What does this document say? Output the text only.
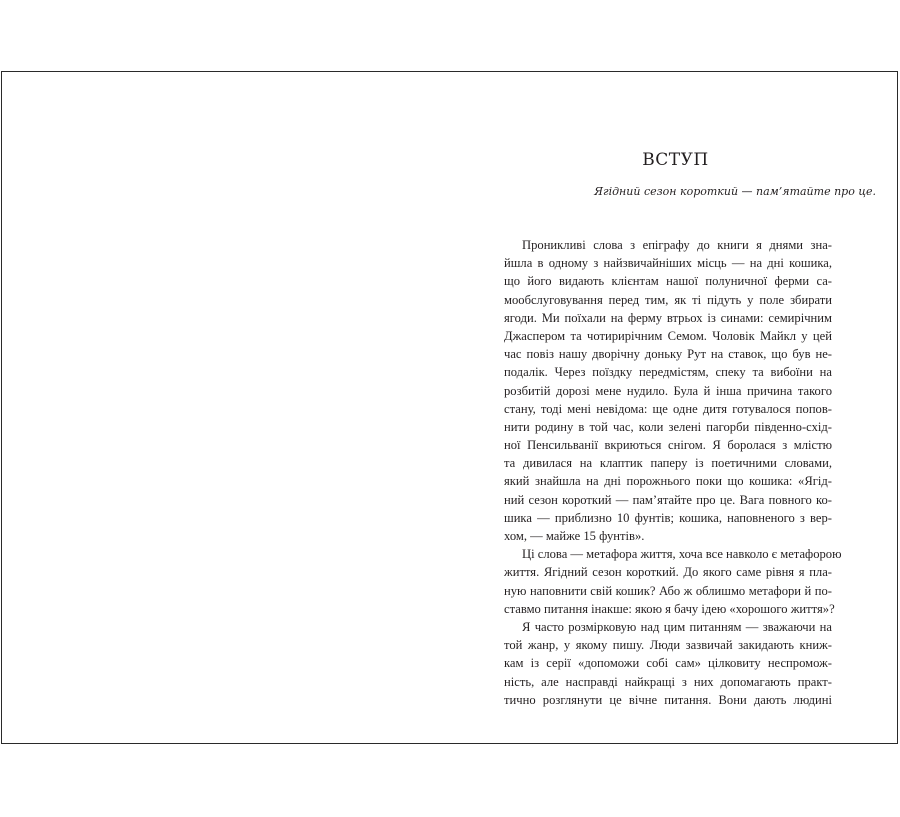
ВСТУП
Ягідний сезон короткий — пам’ятайте про це.

Проникливі слова з епіграфу до книги я днями зна-
йшла в одному з найзвичайніших місць — на дні кошика,
що його видають клієнтам нашої полуничної ферми са-
мообслуговування перед тим, як ті підуть у поле збирати
ягоди. Ми поїхали на ферму втрьох із синами: семирічним
Джаспером та чотирирічним Семом. Чоловік Майкл у цей
час повіз нашу дворічну доньку Рут на ставок, що був не-
подалік. Через поїздку передмістям, спеку та вибоїни на
розбитій дорозі мене нудило. Була й інша причина такого
стану, тоді мені невідома: ще одне дитя готувалося попов-
нити родину в той час, коли зелені пагорби південно-схід-
ної Пенсильванії вкриються снігом. Я боролася з млістю
та дивилася на клаптик паперу із поетичними словами,
який знайшла на дні порожнього поки що кошика: «Ягід-
ний сезон короткий — пам’ятайте про це. Вага повного ко-
шика — приблизно 10 фунтів; кошика, наповненого з вер-
хом, — майже 15 фунтів».

Ці слова — метафора життя, хоча все навколо є метафорою
життя. Ягідний сезон короткий. До якого саме рівня я пла-
ную наповнити свій кошик? Або ж облишмо метафори й по-
ставмо питання інакше: якою я бачу ідею «хорошого життя»?

Я часто розмірковую над цим питанням — зважаючи на
той жанр, у якому пишу. Люди зазвичай закидають книж-
кам із серії «допоможи собі сам» цілковиту неспромож-
ність, але насправді найкращі з них допомагають практ-
тично розглянути це вічне питання. Вони дають людині
